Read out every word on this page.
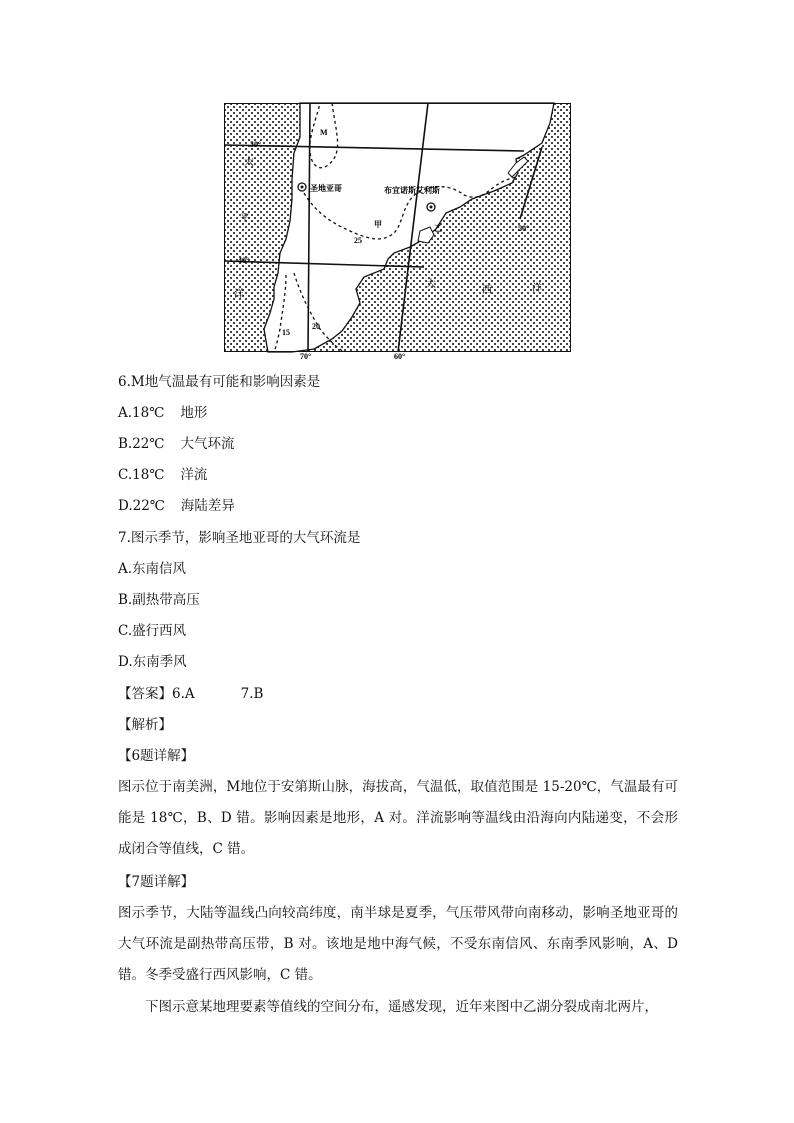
30°
40°
70°	60°
50°
M
圣地亚哥	布宜诺斯艾利斯
甲	乙
25
20
15
太
平
洋
大
西	洋
6.M地气温最有可能和影响因素是
A.18℃ 地形
B.22℃ 大气环流
C.18℃ 洋流
D.22℃ 海陆差异
7.图示季节，影响圣地亚哥的大气环流是
A.东南信风
B.副热带高压
C.盛行西风
D.东南季风
【答案】6.A	7.B
【解析】
【6题详解】
图示位于南美洲，M地位于安第斯山脉，海拔高，气温低，取值范围是 15-20℃，气温最有可能是 18℃，B、D 错。影响因素是地形，A 对。洋流影响等温线由沿海向内陆递变，不会形成闭合等值线，C 错。
【7题详解】
图示季节，大陆等温线凸向较高纬度，南半球是夏季，气压带风带向南移动，影响圣地亚哥的大气环流是副热带高压带，B 对。该地是地中海气候，不受东南信风、东南季风影响，A、D 错。冬季受盛行西风影响，C 错。
下图示意某地理要素等值线的空间分布，遥感发现，近年来图中乙湖分裂成南北两片，
